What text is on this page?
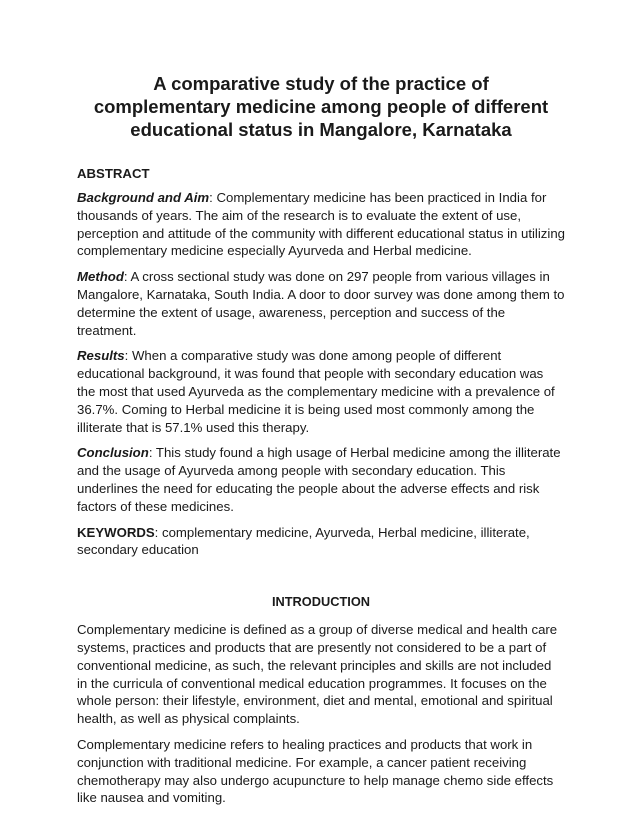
A comparative study of the practice of complementary medicine among people of different educational status in Mangalore, Karnataka
ABSTRACT

Background and Aim: Complementary medicine has been practiced in India for thousands of years. The aim of the research is to evaluate the extent of use, perception and attitude of the community with different educational status in utilizing complementary medicine especially Ayurveda and Herbal medicine.

Method: A cross sectional study was done on 297 people from various villages in Mangalore, Karnataka, South India. A door to door survey was done among them to determine the extent of usage, awareness, perception and success of the treatment.

Results: When a comparative study was done among people of different educational background, it was found that people with secondary education was the most that used Ayurveda as the complementary medicine with a prevalence of 36.7%. Coming to Herbal medicine it is being used most commonly among the illiterate that is 57.1% used this therapy.

Conclusion: This study found a high usage of Herbal medicine among the illiterate and the usage of Ayurveda among people with secondary education. This underlines the need for educating the people about the adverse effects and risk factors of these medicines.

KEYWORDS: complementary medicine, Ayurveda, Herbal medicine, illiterate, secondary education

INTRODUCTION

Complementary medicine is defined as a group of diverse medical and health care systems, practices and products that are presently not considered to be a part of conventional medicine, as such, the relevant principles and skills are not included in the curricula of conventional medical education programmes. It focuses on the whole person: their lifestyle, environment, diet and mental, emotional and spiritual health, as well as physical complaints.

Complementary medicine refers to healing practices and products that work in conjunction with traditional medicine. For example, a cancer patient receiving chemotherapy may also undergo acupuncture to help manage chemo side effects like nausea and vomiting.
